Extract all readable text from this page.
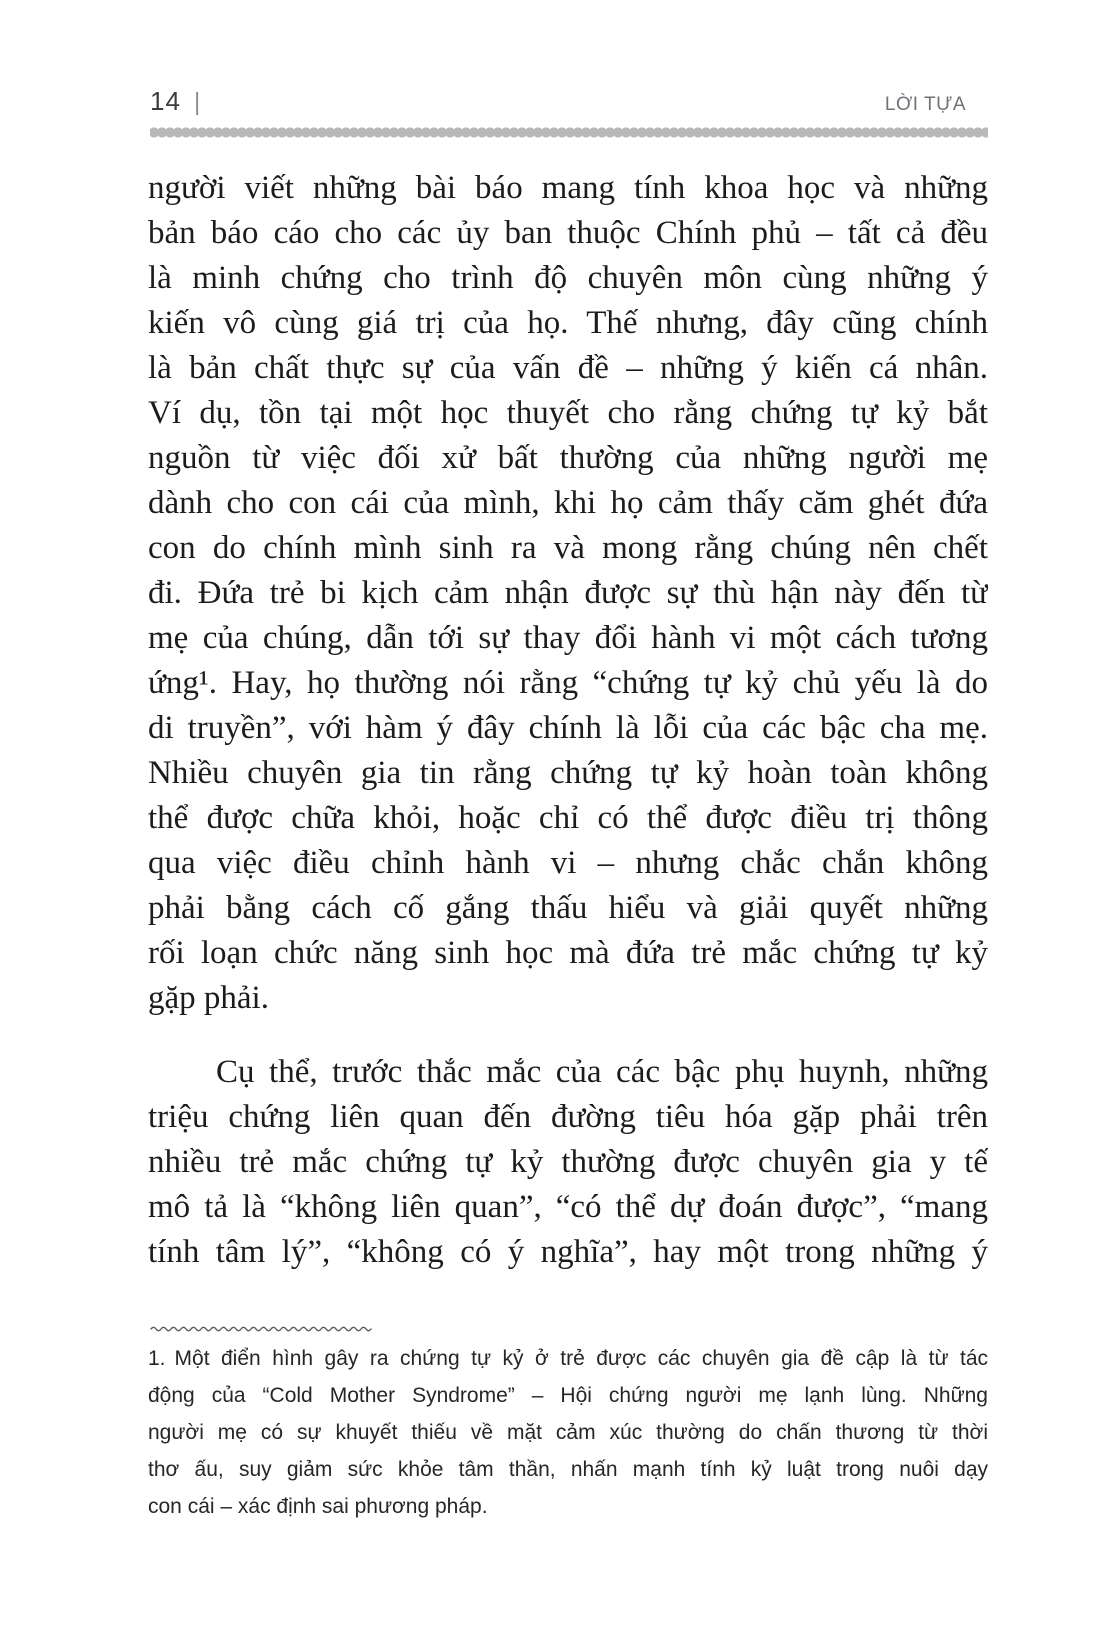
14 |	LỜI TỰA
người viết những bài báo mang tính khoa học và những
bản báo cáo cho các ủy ban thuộc Chính phủ – tất cả đều
là minh chứng cho trình độ chuyên môn cùng những ý
kiến vô cùng giá trị của họ. Thế nhưng, đây cũng chính
là bản chất thực sự của vấn đề – những ý kiến cá nhân.
Ví dụ, tồn tại một học thuyết cho rằng chứng tự kỷ bắt
nguồn từ việc đối xử bất thường của những người mẹ
dành cho con cái của mình, khi họ cảm thấy căm ghét đứa
con do chính mình sinh ra và mong rằng chúng nên chết
đi. Đứa trẻ bi kịch cảm nhận được sự thù hận này đến từ
mẹ của chúng, dẫn tới sự thay đổi hành vi một cách tương
ứng¹. Hay, họ thường nói rằng “chứng tự kỷ chủ yếu là do
di truyền”, với hàm ý đây chính là lỗi của các bậc cha mẹ.
Nhiều chuyên gia tin rằng chứng tự kỷ hoàn toàn không
thể được chữa khỏi, hoặc chỉ có thể được điều trị thông
qua việc điều chỉnh hành vi – nhưng chắc chắn không
phải bằng cách cố gắng thấu hiểu và giải quyết những
rối loạn chức năng sinh học mà đứa trẻ mắc chứng tự kỷ
gặp phải.
Cụ thể, trước thắc mắc của các bậc phụ huynh, những
triệu chứng liên quan đến đường tiêu hóa gặp phải trên
nhiều trẻ mắc chứng tự kỷ thường được chuyên gia y tế
mô tả là “không liên quan”, “có thể dự đoán được”, “mang
tính tâm lý”, “không có ý nghĩa”, hay một trong những ý
1. Một điển hình gây ra chứng tự kỷ ở trẻ được các chuyên gia đề cập là từ tác
động của “Cold Mother Syndrome” – Hội chứng người mẹ lạnh lùng. Những
người mẹ có sự khuyết thiếu về mặt cảm xúc thường do chấn thương từ thời
thơ ấu, suy giảm sức khỏe tâm thần, nhấn mạnh tính kỷ luật trong nuôi dạy
con cái – xác định sai phương pháp.
